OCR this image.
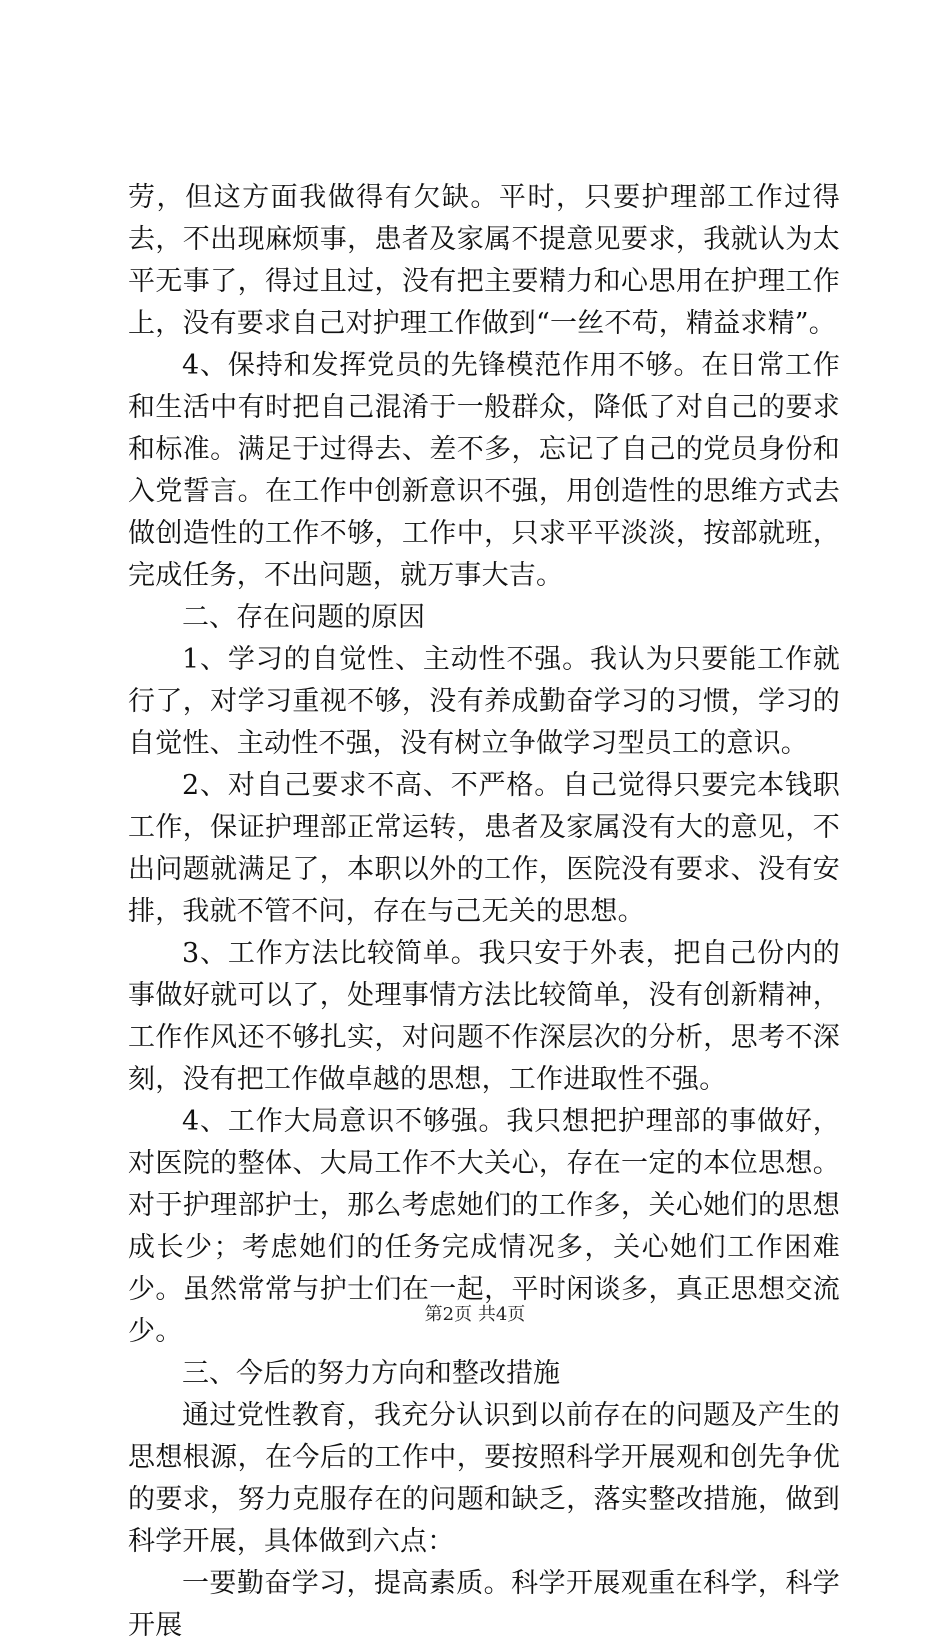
劳，但这方面我做得有欠缺。平时，只要护理部工作过得去，不出现麻烦事，患者及家属不提意见要求，我就认为太平无事了，得过且过，没有把主要精力和心思用在护理工作上，没有要求自己对护理工作做到“一丝不苟，精益求精”。

4、保持和发挥党员的先锋模范作用不够。在日常工作和生活中有时把自己混淆于一般群众，降低了对自己的要求和标准。满足于过得去、差不多，忘记了自己的党员身份和入党誓言。在工作中创新意识不强，用创造性的思维方式去做创造性的工作不够，工作中，只求平平淡淡，按部就班，完成任务，不出问题，就万事大吉。

二、存在问题的原因

1、学习的自觉性、主动性不强。我认为只要能工作就行了，对学习重视不够，没有养成勤奋学习的习惯，学习的自觉性、主动性不强，没有树立争做学习型员工的意识。

2、对自己要求不高、不严格。自己觉得只要完本钱职工作，保证护理部正常运转，患者及家属没有大的意见，不出问题就满足了，本职以外的工作，医院没有要求、没有安排，我就不管不问，存在与己无关的思想。

3、工作方法比较简单。我只安于外表，把自己份内的事做好就可以了，处理事情方法比较简单，没有创新精神，工作作风还不够扎实，对问题不作深层次的分析，思考不深刻，没有把工作做卓越的思想，工作进取性不强。

4、工作大局意识不够强。我只想把护理部的事做好，对医院的整体、大局工作不大关心，存在一定的本位思想。对于护理部护士，那么考虑她们的工作多，关心她们的思想成长少；考虑她们的任务完成情况多，关心她们工作困难少。虽然常常与护士们在一起，平时闲谈多，真正思想交流少。

三、今后的努力方向和整改措施

通过党性教育，我充分认识到以前存在的问题及产生的思想根源，在今后的工作中，要按照科学开展观和创先争优的要求，努力克服存在的问题和缺乏，落实整改措施，做到科学开展，具体做到六点：

一要勤奋学习，提高素质。科学开展观重在科学，科学开展

第2页 共4页
